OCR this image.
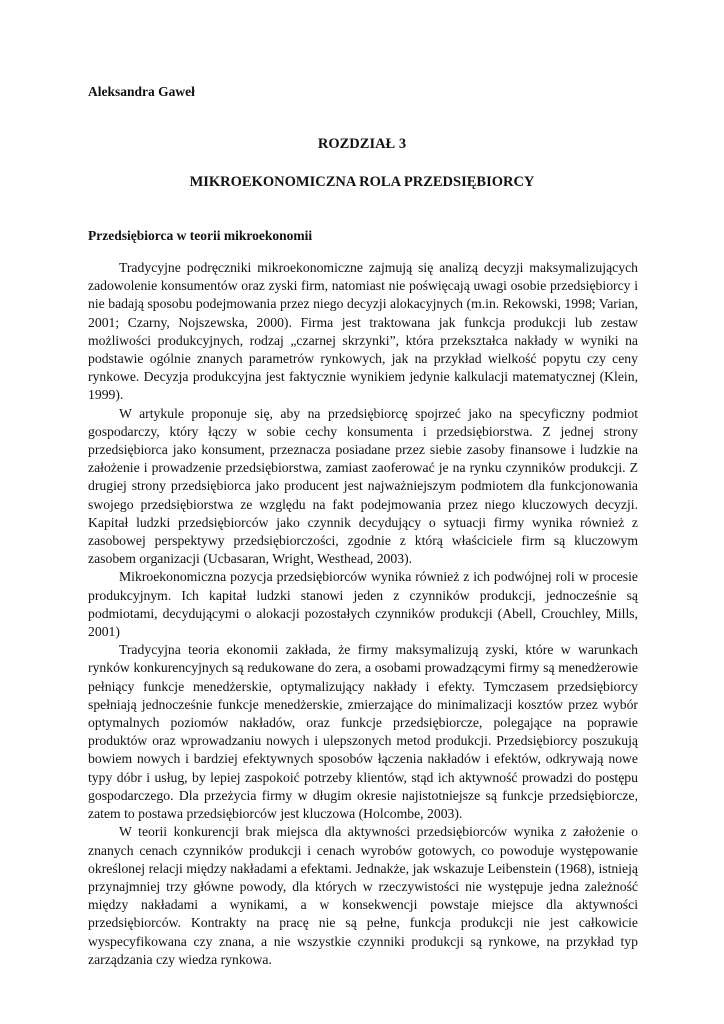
Aleksandra Gaweł
ROZDZIAŁ 3
MIKROEKONOMICZNA ROLA PRZEDSIĘBIORCY
Przedsiębiorca w teorii mikroekonomii

Tradycyjne podręczniki mikroekonomiczne zajmują się analizą decyzji maksymalizujących zadowolenie konsumentów oraz zyski firm, natomiast nie poświęcają uwagi osobie przedsiębiorcy i nie badają sposobu podejmowania przez niego decyzji alokacyjnych (m.in. Rekowski, 1998; Varian, 2001; Czarny, Nojszewska, 2000). Firma jest traktowana jak funkcja produkcji lub zestaw możliwości produkcyjnych, rodzaj „czarnej skrzynki”, która przekształca nakłady w wyniki na podstawie ogólnie znanych parametrów rynkowych, jak na przykład wielkość popytu czy ceny rynkowe. Decyzja produkcyjna jest faktycznie wynikiem jedynie kalkulacji matematycznej (Klein, 1999).

W artykule proponuje się, aby na przedsiębiorcę spojrzeć jako na specyficzny podmiot gospodarczy, który łączy w sobie cechy konsumenta i przedsiębiorstwa. Z jednej strony przedsiębiorca jako konsument, przeznacza posiadane przez siebie zasoby finansowe i ludzkie na założenie i prowadzenie przedsiębiorstwa, zamiast zaoferować je na rynku czynników produkcji. Z drugiej strony przedsiębiorca jako producent jest najważniejszym podmiotem dla funkcjonowania swojego przedsiębiorstwa ze względu na fakt podejmowania przez niego kluczowych decyzji. Kapitał ludzki przedsiębiorców jako czynnik decydujący o sytuacji firmy wynika również z zasobowej perspektywy przedsiębiorczości, zgodnie z którą właściciele firm są kluczowym zasobem organizacji (Ucbasaran, Wright, Westhead, 2003).

Mikroekonomiczna pozycja przedsiębiorców wynika również z ich podwójnej roli w procesie produkcyjnym. Ich kapitał ludzki stanowi jeden z czynników produkcji, jednocześnie są podmiotami, decydującymi o alokacji pozostałych czynników produkcji (Abell, Crouchley, Mills, 2001)

Tradycyjna teoria ekonomii zakłada, że firmy maksymalizują zyski, które w warunkach rynków konkurencyjnych są redukowane do zera, a osobami prowadzącymi firmy są menedżerowie pełniący funkcje menedżerskie, optymalizujący nakłady i efekty. Tymczasem przedsiębiorcy spełniają jednocześnie funkcje menedżerskie, zmierzające do minimalizacji kosztów przez wybór optymalnych poziomów nakładów, oraz funkcje przedsiębiorcze, polegające na poprawie produktów oraz wprowadzaniu nowych i ulepszonych metod produkcji. Przedsiębiorcy poszukują bowiem nowych i bardziej efektywnych sposobów łączenia nakładów i efektów, odkrywają nowe typy dóbr i usług, by lepiej zaspokoić potrzeby klientów, stąd ich aktywność prowadzi do postępu gospodarczego. Dla przeżycia firmy w długim okresie najistotniejsze są funkcje przedsiębiorcze, zatem to postawa przedsiębiorców jest kluczowa (Holcombe, 2003).

W teorii konkurencji brak miejsca dla aktywności przedsiębiorców wynika z założenie o znanych cenach czynników produkcji i cenach wyrobów gotowych, co powoduje występowanie określonej relacji między nakładami a efektami. Jednakże, jak wskazuje Leibenstein (1968), istnieją przynajmniej trzy główne powody, dla których w rzeczywistości nie występuje jedna zależność między nakładami a wynikami, a w konsekwencji powstaje miejsce dla aktywności przedsiębiorców. Kontrakty na pracę nie są pełne, funkcja produkcji nie jest całkowicie wyspecyfikowana czy znana, a nie wszystkie czynniki produkcji są rynkowe, na przykład typ zarządzania czy wiedza rynkowa.
